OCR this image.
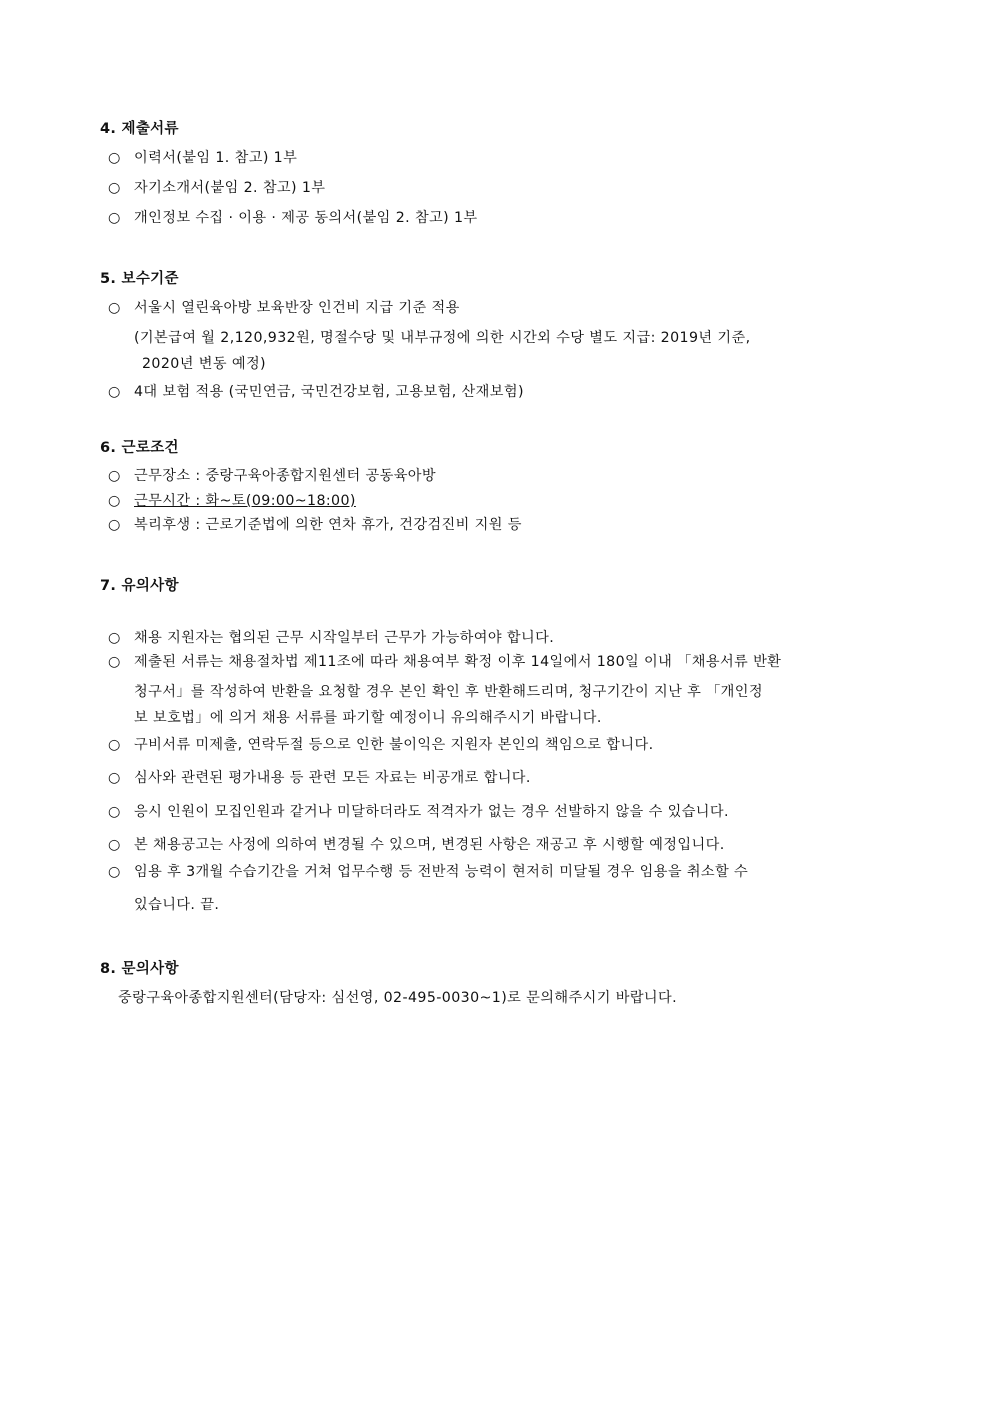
4. 제출서류
○ 이력서(붙임 1. 참고) 1부
○ 자기소개서(붙임 2. 참고) 1부
○ 개인정보 수집 · 이용 · 제공 동의서(붙임 2. 참고) 1부
5. 보수기준
○ 서울시 열린육아방 보육반장 인건비 지급 기준 적용
(기본급여 월 2,120,932원, 명절수당 및 내부규정에 의한 시간외 수당 별도 지급: 2019년 기준,
2020년 변동 예정)
○ 4대 보험 적용 (국민연금, 국민건강보험, 고용보험, 산재보험)
6. 근로조건
○ 근무장소 : 중랑구육아종합지원센터 공동육아방
○ 근무시간 : 화~토(09:00~18:00)
○ 복리후생 : 근로기준법에 의한 연차 휴가, 건강검진비 지원 등
7. 유의사항
○ 채용 지원자는 협의된 근무 시작일부터 근무가 가능하여야 합니다.
○ 제출된 서류는 채용절차법 제11조에 따라 채용여부 확정 이후 14일에서 180일 이내 「채용서류 반환
청구서」를 작성하여 반환을 요청할 경우 본인 확인 후 반환해드리며, 청구기간이 지난 후 「개인정
보 보호법」에 의거 채용 서류를 파기할 예정이니 유의해주시기 바랍니다.
○ 구비서류 미제출, 연락두절 등으로 인한 불이익은 지원자 본인의 책임으로 합니다.
○ 심사와 관련된 평가내용 등 관련 모든 자료는 비공개로 합니다.
○ 응시 인원이 모집인원과 같거나 미달하더라도 적격자가 없는 경우 선발하지 않을 수 있습니다.
○ 본 채용공고는 사정에 의하여 변경될 수 있으며, 변경된 사항은 재공고 후 시행할 예정입니다.
○ 임용 후 3개월 수습기간을 거쳐 업무수행 등 전반적 능력이 현저히 미달될 경우 임용을 취소할 수
있습니다. 끝.
8. 문의사항
중랑구육아종합지원센터(담당자: 심선영, 02-495-0030~1)로 문의해주시기 바랍니다.
